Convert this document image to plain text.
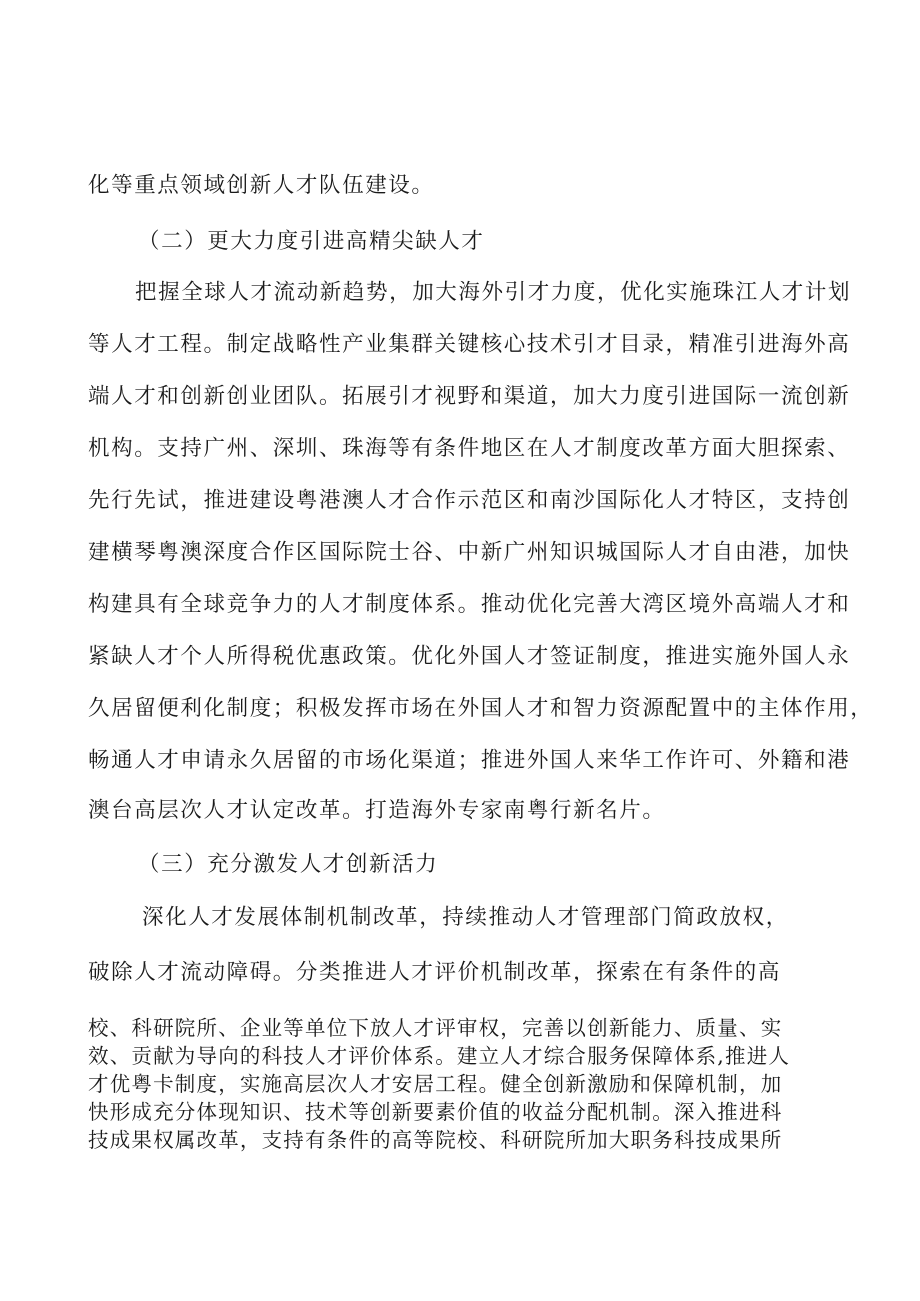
化等重点领域创新人才队伍建设。
（二）更大力度引进高精尖缺人才
把握全球人才流动新趋势，加大海外引才力度，优化实施珠江人才计划
等人才工程。制定战略性产业集群关键核心技术引才目录，精准引进海外高
端人才和创新创业团队。拓展引才视野和渠道，加大力度引进国际一流创新
机构。支持广州、深圳、珠海等有条件地区在人才制度改革方面大胆探索、
先行先试，推进建设粤港澳人才合作示范区和南沙国际化人才特区，支持创
建横琴粤澳深度合作区国际院士谷、中新广州知识城国际人才自由港，加快
构建具有全球竞争力的人才制度体系。推动优化完善大湾区境外高端人才和
紧缺人才个人所得税优惠政策。优化外国人才签证制度，推进实施外国人永
久居留便利化制度；积极发挥市场在外国人才和智力资源配置中的主体作用，
畅通人才申请永久居留的市场化渠道；推进外国人来华工作许可、外籍和港
澳台高层次人才认定改革。打造海外专家南粤行新名片。
（三）充分激发人才创新活力
深化人才发展体制机制改革，持续推动人才管理部门简政放权，
破除人才流动障碍。分类推进人才评价机制改革，探索在有条件的高
校、科研院所、企业等单位下放人才评审权，完善以创新能力、质量、实
效、贡献为导向的科技人才评价体系。建立人才综合服务保障体系,推进人
才优粤卡制度，实施高层次人才安居工程。健全创新激励和保障机制，加
快形成充分体现知识、技术等创新要素价值的收益分配机制。深入推进科
技成果权属改革，支持有条件的高等院校、科研院所加大职务科技成果所
